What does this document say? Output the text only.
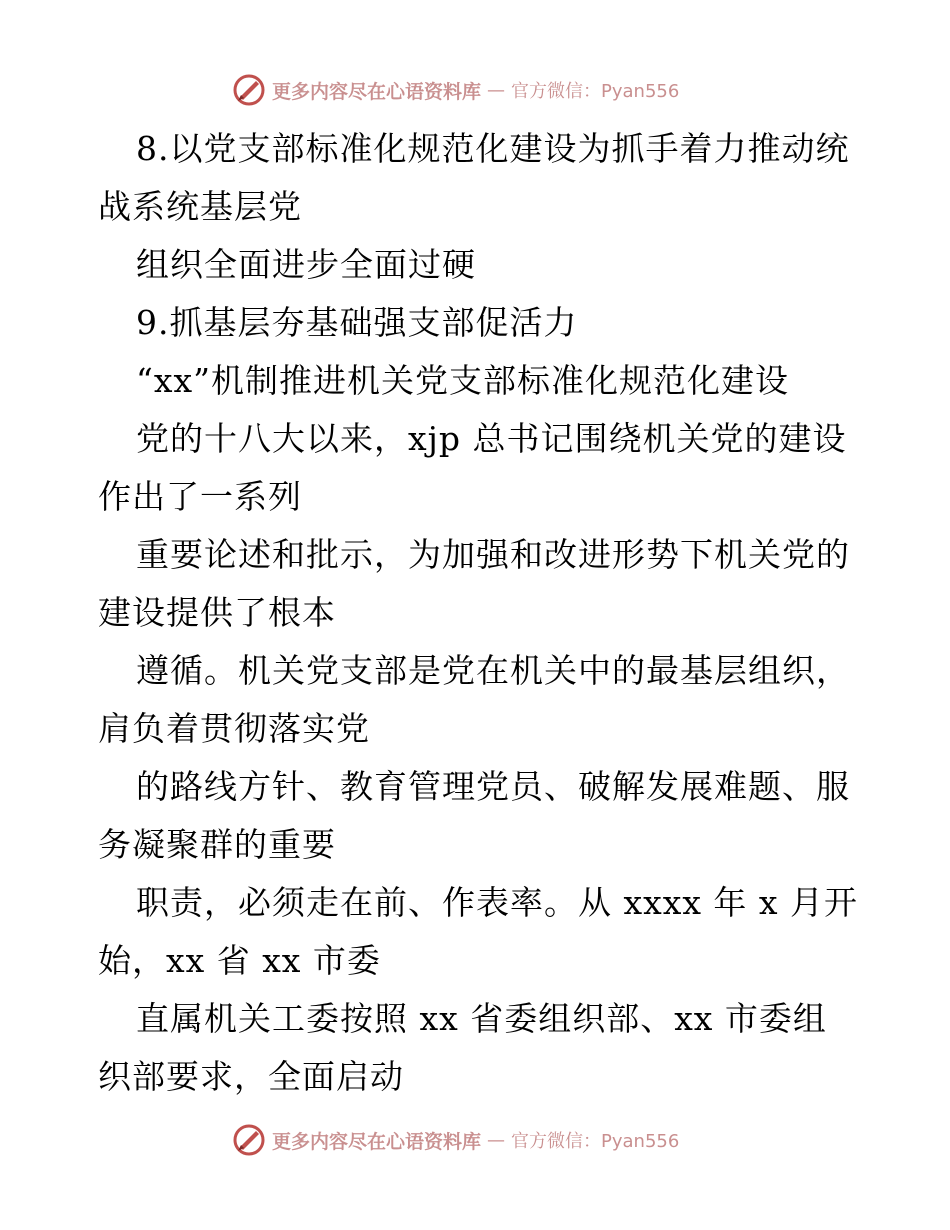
更多内容尽在心语资料库 — 官方微信：Pyan556
8.以党支部标准化规范化建设为抓手着力推动统
战系统基层党
组织全面进步全面过硬
9.抓基层夯基础强支部促活力
“xx”机制推进机关党支部标准化规范化建设
党的十八大以来，xjp 总书记围绕机关党的建设
作出了一系列
重要论述和批示，为加强和改进形势下机关党的
建设提供了根本
遵循。机关党支部是党在机关中的最基层组织，
肩负着贯彻落实党
的路线方针、教育管理党员、破解发展难题、服
务凝聚群的重要
职责，必须走在前、作表率。从 xxxx 年 x 月开
始，xx 省 xx 市委
直属机关工委按照 xx 省委组织部、xx 市委组
织部要求，全面启动
更多内容尽在心语资料库 — 官方微信：Pyan556
